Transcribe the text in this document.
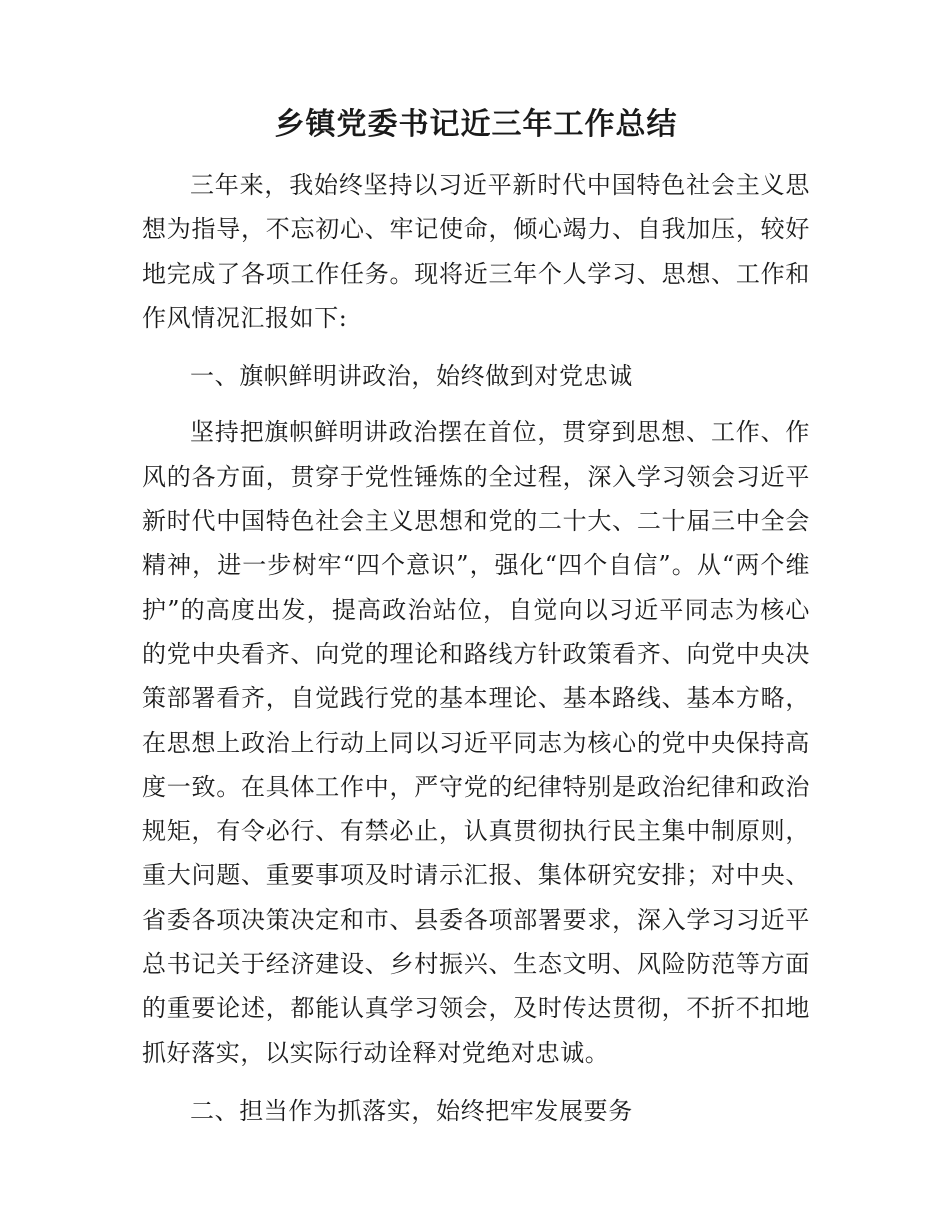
乡镇党委书记近三年工作总结

三年来，我始终坚持以习近平新时代中国特色社会主义思想为指导，不忘初心、牢记使命，倾心竭力、自我加压，较好地完成了各项工作任务。现将近三年个人学习、思想、工作和作风情况汇报如下:

一、旗帜鲜明讲政治，始终做到对党忠诚

坚持把旗帜鲜明讲政治摆在首位，贯穿到思想、工作、作风的各方面，贯穿于党性锤炼的全过程，深入学习领会习近平新时代中国特色社会主义思想和党的二十大、二十届三中全会精神，进一步树牢“四个意识”，强化“四个自信”。从“两个维护”的高度出发，提高政治站位，自觉向以习近平同志为核心的党中央看齐、向党的理论和路线方针政策看齐、向党中央决策部署看齐，自觉践行党的基本理论、基本路线、基本方略，在思想上政治上行动上同以习近平同志为核心的党中央保持高度一致。在具体工作中，严守党的纪律特别是政治纪律和政治规矩，有令必行、有禁必止，认真贯彻执行民主集中制原则，重大问题、重要事项及时请示汇报、集体研究安排；对中央、省委各项决策决定和市、县委各项部署要求，深入学习习近平总书记关于经济建设、乡村振兴、生态文明、风险防范等方面的重要论述，都能认真学习领会，及时传达贯彻，不折不扣地抓好落实，以实际行动诠释对党绝对忠诚。

二、担当作为抓落实，始终把牢发展要务
